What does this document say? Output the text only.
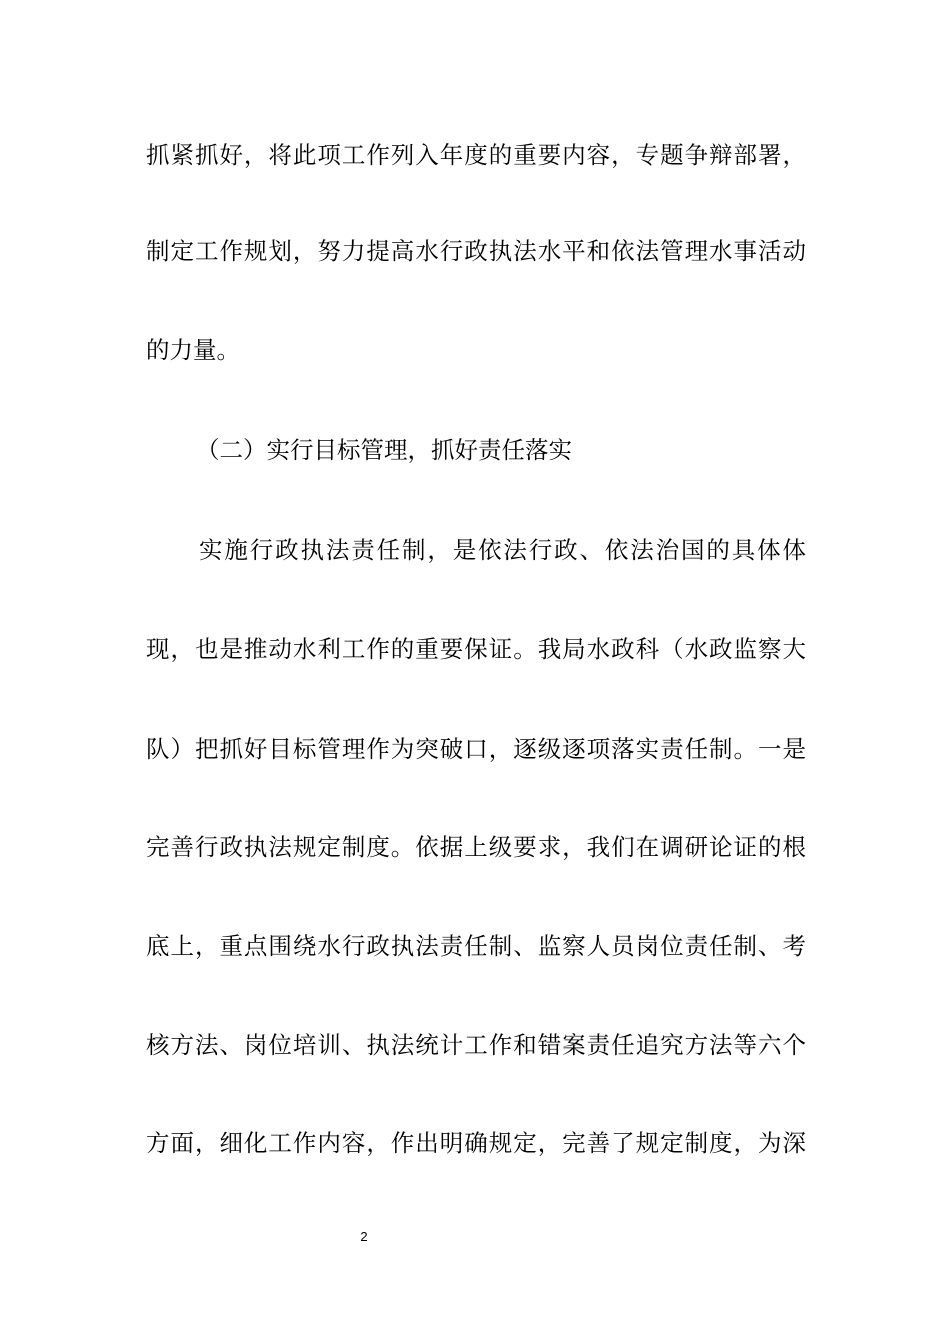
抓紧抓好，将此项工作列入年度的重要内容，专题争辩部署，
制定工作规划，努力提高水行政执法水平和依法管理水事活动
的力量。
（二）实行目标管理，抓好责任落实
实施行政执法责任制，是依法行政、依法治国的具体体
现，也是推动水利工作的重要保证。我局水政科（水政监察大
队）把抓好目标管理作为突破口，逐级逐项落实责任制。一是
完善行政执法规定制度。依据上级要求，我们在调研论证的根
底上，重点围绕水行政执法责任制、监察人员岗位责任制、考
核方法、岗位培训、执法统计工作和错案责任追究方法等六个
方面，细化工作内容，作出明确规定，完善了规定制度，为深
2
